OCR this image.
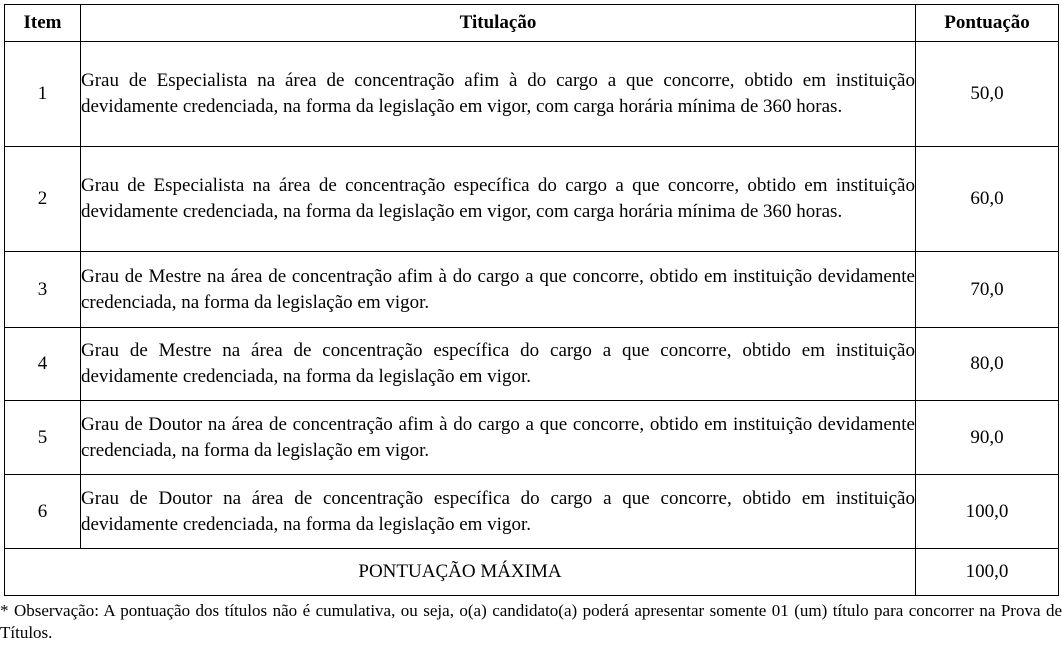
Item	Titulação	Pontuação
1	Grau de Especialista na área de concentração afim à do cargo a que concorre, obtido em instituição devidamente credenciada, na forma da legislação em vigor, com carga horária mínima de 360 horas.	50,0
2	Grau de Especialista na área de concentração específica do cargo a que concorre, obtido em instituição devidamente credenciada, na forma da legislação em vigor, com carga horária mínima de 360 horas.	60,0
3	Grau de Mestre na área de concentração afim à do cargo a que concorre, obtido em instituição devidamente credenciada, na forma da legislação em vigor.	70,0
4	Grau de Mestre na área de concentração específica do cargo a que concorre, obtido em instituição devidamente credenciada, na forma da legislação em vigor.	80,0
5	Grau de Doutor na área de concentração afim à do cargo a que concorre, obtido em instituição devidamente credenciada, na forma da legislação em vigor.	90,0
6	Grau de Doutor na área de concentração específica do cargo a que concorre, obtido em instituição devidamente credenciada, na forma da legislação em vigor.	100,0
PONTUAÇÃO MÁXIMA		100,0
* Observação: A pontuação dos títulos não é cumulativa, ou seja, o(a) candidato(a) poderá apresentar somente 01 (um) título para concorrer na Prova de Títulos.
